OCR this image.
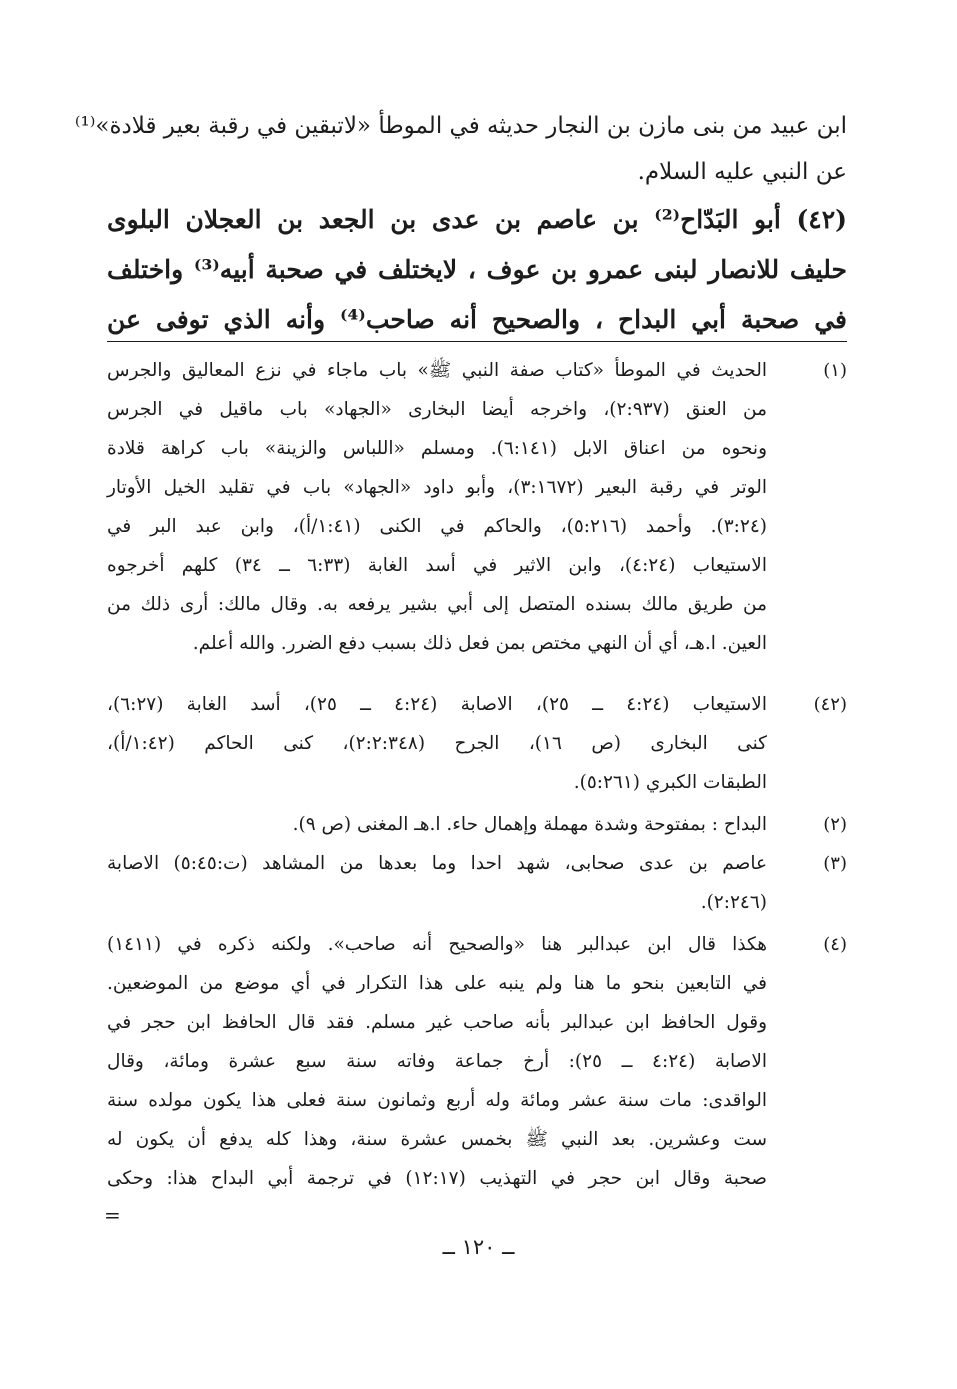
ابن عبيد من بنى مازن بن النجار حديثه في الموطأ «لاتبقين في رقبة بعير قلادة»⁽¹⁾
عن النبي عليه السلام.
(٤٢) أبو البَدّاح⁽²⁾ بن عاصم بن عدى بن الجعد بن العجلان البلوى
حليف للانصار لبنى عمرو بن عوف ، لايختلف في صحبة أبيه⁽³⁾ واختلف
في صحبة أبي البداح ، والصحيح أنه صاحب⁽⁴⁾ وأنه الذي توفى عن
(١)
الحديث في الموطأ «كتاب صفة النبي ﷺ» باب ماجاء في نزع المعاليق والجرس
من العنق (٢:٩٣٧)، واخرجه أيضا البخارى «الجهاد» باب ماقيل في الجرس
ونحوه من اعناق الابل (٦:١٤١). ومسلم «اللباس والزينة» باب كراهة قلادة
الوتر في رقبة البعير (٣:١٦٧٢)، وأبو داود «الجهاد» باب في تقليد الخيل الأوتار
(٣:٢٤). وأحمد (٥:٢١٦)، والحاكم في الكنى (١:٤١/أ)، وابن عبد البر في
الاستيعاب (٤:٢٤)، وابن الاثير في أسد الغابة (٦:٣٣ ــ ٣٤) كلهم أخرجوه
من طريق مالك بسنده المتصل إلى أبي بشير يرفعه به. وقال مالك: أرى ذلك من
العين. ا.هـ، أي أن النهي مختص بمن فعل ذلك بسبب دفع الضرر. والله أعلم.
(٤٢)
الاستيعاب (٤:٢٤ ــ ٢٥)، الاصابة (٤:٢٤ ــ ٢٥)، أسد الغابة (٦:٢٧)،
كنى البخارى (ص ١٦)، الجرح (٢:٢:٣٤٨)، كنى الحاكم (١:٤٢/أ)،
الطبقات الكبري (٥:٢٦١).
(٢)
البداح : بمفتوحة وشدة مهملة وإهمال حاء. ا.هـ المغنى (ص ٩).
(٣)
عاصم بن عدى صحابى، شهد احدا وما بعدها من المشاهد (ت:٥:٤٥) الاصابة
(٢:٢٤٦).
(٤)
هكذا قال ابن عبدالبر هنا «والصحيح أنه صاحب». ولكنه ذكره في (١٤١١)
في التابعين بنحو ما هنا ولم ينبه على هذا التكرار في أي موضع من الموضعين.
وقول الحافظ ابن عبدالبر بأنه صاحب غير مسلم. فقد قال الحافظ ابن حجر في
الاصابة (٤:٢٤ ــ ٢٥): أرخ جماعة وفاته سنة سبع عشرة ومائة، وقال
الواقدى: مات سنة عشر ومائة وله أربع وثمانون سنة فعلى هذا يكون مولده سنة
ست وعشرين. بعد النبي ﷺ بخمس عشرة سنة، وهذا كله يدفع أن يكون له
صحبة وقال ابن حجر في التهذيب (١٢:١٧) في ترجمة أبي البداح هذا: وحكى
=
ــ ١٢٠ ــ
